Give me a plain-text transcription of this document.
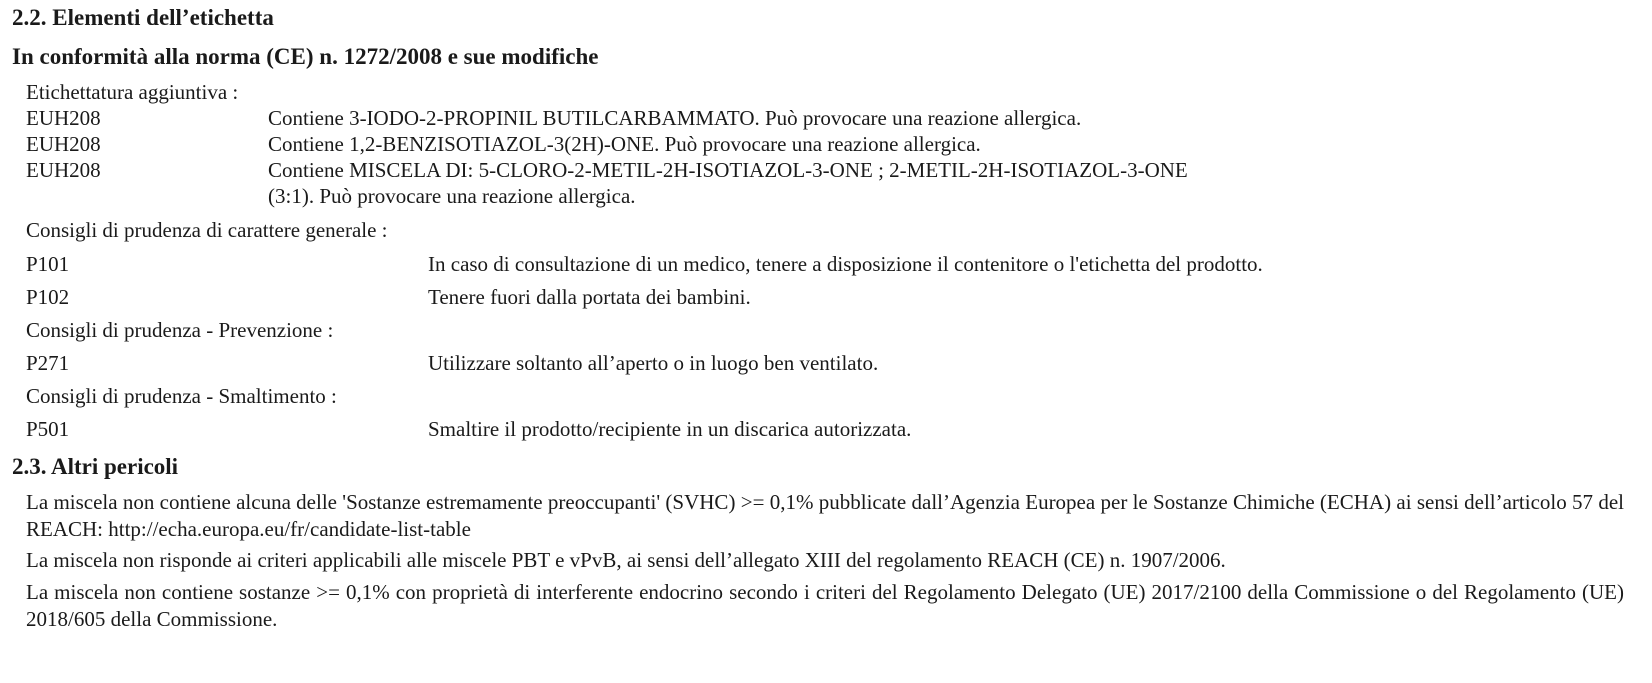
2.2. Elementi dell’etichetta
In conformità alla norma (CE) n. 1272/2008 e sue modifiche
Etichettatura aggiuntiva :
EUH208	Contiene 3-IODO-2-PROPINIL BUTILCARBAMMATO. Può provocare una reazione allergica.
EUH208	Contiene 1,2-BENZISOTIAZOL-3(2H)-ONE. Può provocare una reazione allergica.
EUH208	Contiene MISCELA DI: 5-CLORO-2-METIL-2H-ISOTIAZOL-3-ONE ; 2-METIL-2H-ISOTIAZOL-3-ONE
(3:1). Può provocare una reazione allergica.
Consigli di prudenza di carattere generale :
P101	In caso di consultazione di un medico, tenere a disposizione il contenitore o l'etichetta del prodotto.
P102	Tenere fuori dalla portata dei bambini.
Consigli di prudenza - Prevenzione :
P271	Utilizzare soltanto all’aperto o in luogo ben ventilato.
Consigli di prudenza - Smaltimento :
P501	Smaltire il prodotto/recipiente in un discarica autorizzata.
2.3. Altri pericoli
La miscela non contiene alcuna delle 'Sostanze estremamente preoccupanti' (SVHC) >= 0,1% pubblicate dall’Agenzia Europea per le Sostanze Chimiche (ECHA) ai sensi dell’articolo 57 del REACH: http://echa.europa.eu/fr/candidate-list-table
La miscela non risponde ai criteri applicabili alle miscele PBT e vPvB, ai sensi dell’allegato XIII del regolamento REACH (CE) n. 1907/2006.
La miscela non contiene sostanze >= 0,1% con proprietà di interferente endocrino secondo i criteri del Regolamento Delegato (UE) 2017/2100 della Commissione o del Regolamento (UE) 2018/605 della Commissione.
